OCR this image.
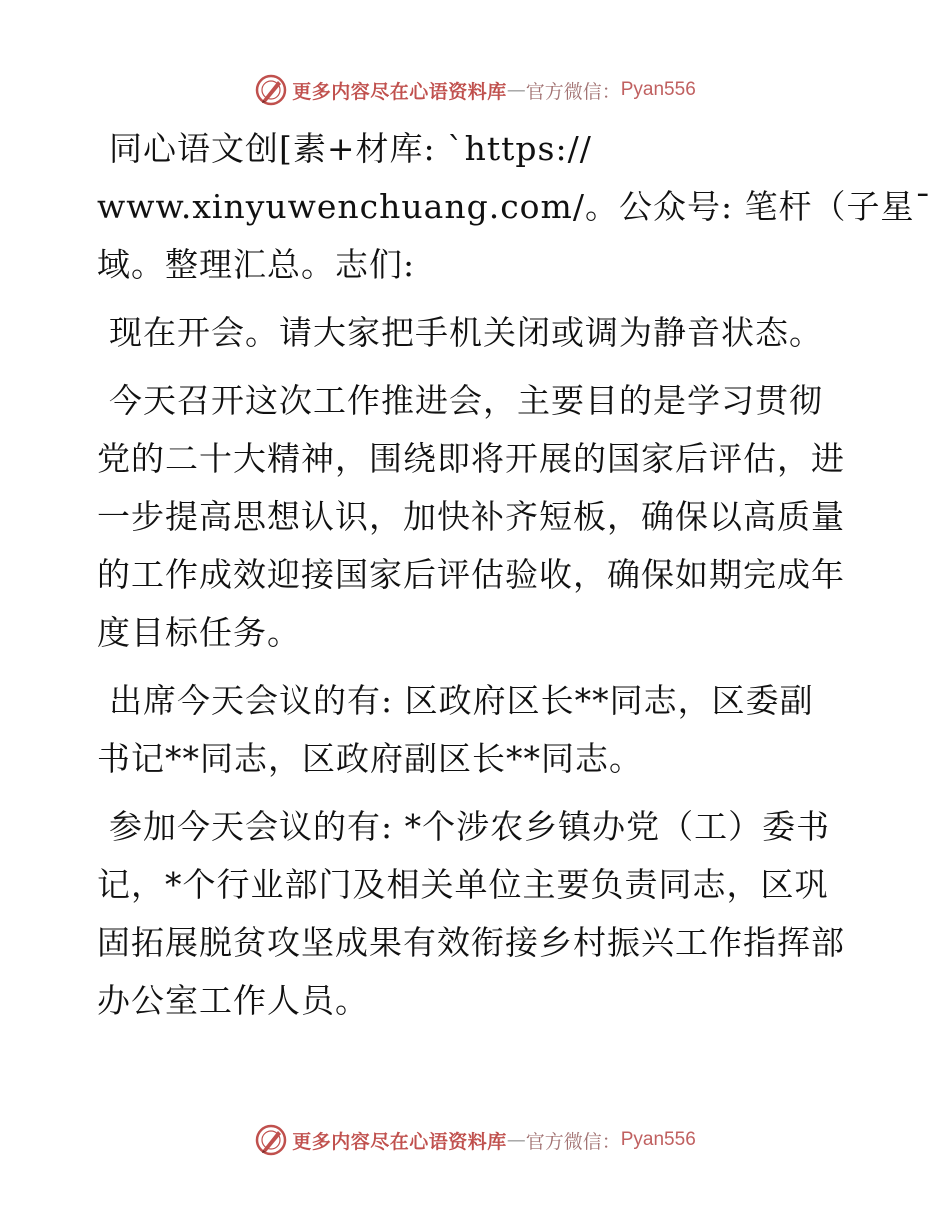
更多内容尽在心语资料库 — 官方微信： Pyan556

同心语文创[素+材库: `https://
www.xinyuwenchuang.com/。公众号: 笔杆（子星¯
域。整理汇总。志们:

现在开会。请大家把手机关闭或调为静音状态。

今天召开这次工作推进会，主要目的是学习贯彻
党的二十大精神，围绕即将开展的国家后评估，进
一步提高思想认识，加快补齐短板，确保以高质量
的工作成效迎接国家后评估验收，确保如期完成年
度目标任务。

出席今天会议的有: 区政府区长**同志，区委副
书记**同志，区政府副区长**同志。

参加今天会议的有: *个涉农乡镇办党（工）委书
记，*个行业部门及相关单位主要负责同志，区巩
固拓展脱贫攻坚成果有效衔接乡村振兴工作指挥部
办公室工作人员。

更多内容尽在心语资料库 — 官方微信： Pyan556
